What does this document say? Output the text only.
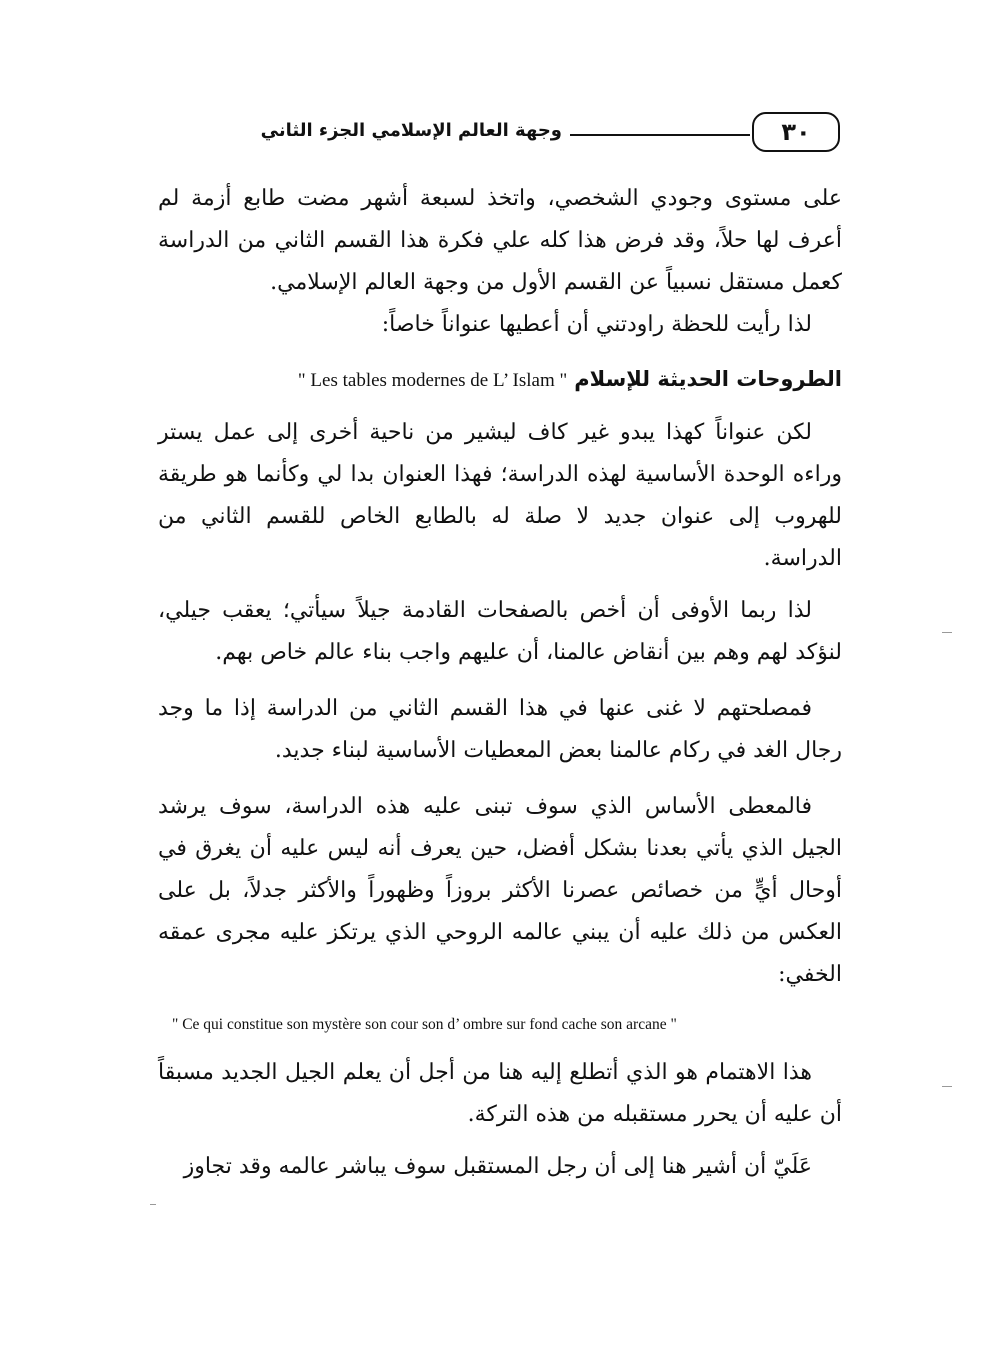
٣٠
وجهة العالم الإسلامي الجزء الثاني

على مستوى وجودي الشخصي، واتخذ لسبعة أشهر مضت طابع أزمة لم أعرف لها حلاً، وقد فرض هذا كله علي فكرة هذا القسم الثاني من الدراسة كعمل مستقل نسبياً عن القسم الأول من وجهة العالم الإسلامي.

لذا رأيت للحظة راودتني أن أعطيها عنواناً خاصاً:

الطروحات الحديثة للإسلام " Les tables modernes de L’ Islam "

لكن عنواناً كهذا يبدو غير كاف ليشير من ناحية أخرى إلى عمل يستر وراءه الوحدة الأساسية لهذه الدراسة؛ فهذا العنوان بدا لي وكأنما هو طريقة للهروب إلى عنوان جديد لا صلة له بالطابع الخاص للقسم الثاني من الدراسة.

لذا ربما الأوفى أن أخص بالصفحات القادمة جيلاً سيأتي؛ يعقب جيلي، لنؤكد لهم وهم بين أنقاض عالمنا، أن عليهم واجب بناء عالم خاص بهم.

فمصلحتهم لا غنى عنها في هذا القسم الثاني من الدراسة إذا ما وجد رجال الغد في ركام عالمنا بعض المعطيات الأساسية لبناء جديد.

فالمعطى الأساس الذي سوف تبنى عليه هذه الدراسة، سوف يرشد الجيل الذي يأتي بعدنا بشكل أفضل، حين يعرف أنه ليس عليه أن يغرق في أوحال أيٍّ من خصائص عصرنا الأكثر بروزاً وظهوراً والأكثر جدلاً، بل على العكس من ذلك عليه أن يبني عالمه الروحي الذي يرتكز عليه مجرى عمقه الخفي:

" Ce qui constitue son mystère son cour son d’ ombre sur fond cache son arcane "

هذا الاهتمام هو الذي أتطلع إليه هنا من أجل أن يعلم الجيل الجديد مسبقاً أن عليه أن يحرر مستقبله من هذه التركة.

عَلَيّ أن أشير هنا إلى أن رجل المستقبل سوف يباشر عالمه وقد تجاوز
